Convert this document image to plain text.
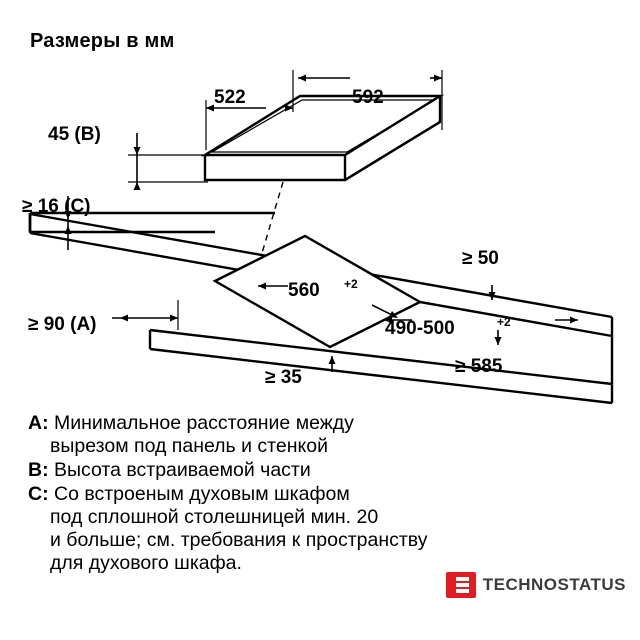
Размеры в мм
522	592
45 (B)
≥ 16 (C)
560 +2
490-500	+2
≥ 90 (A)
≥ 50
≥ 35
≥ 585
A: Минимальное расстояние между
вырезом под панель и стенкой
B: Высота встраиваемой части
C: Со встроеным духовым шкафом
под сплошной столешницей мин. 20
и больше; см. требования к пространству
для духового шкафа.
TECHNOSTATUS
